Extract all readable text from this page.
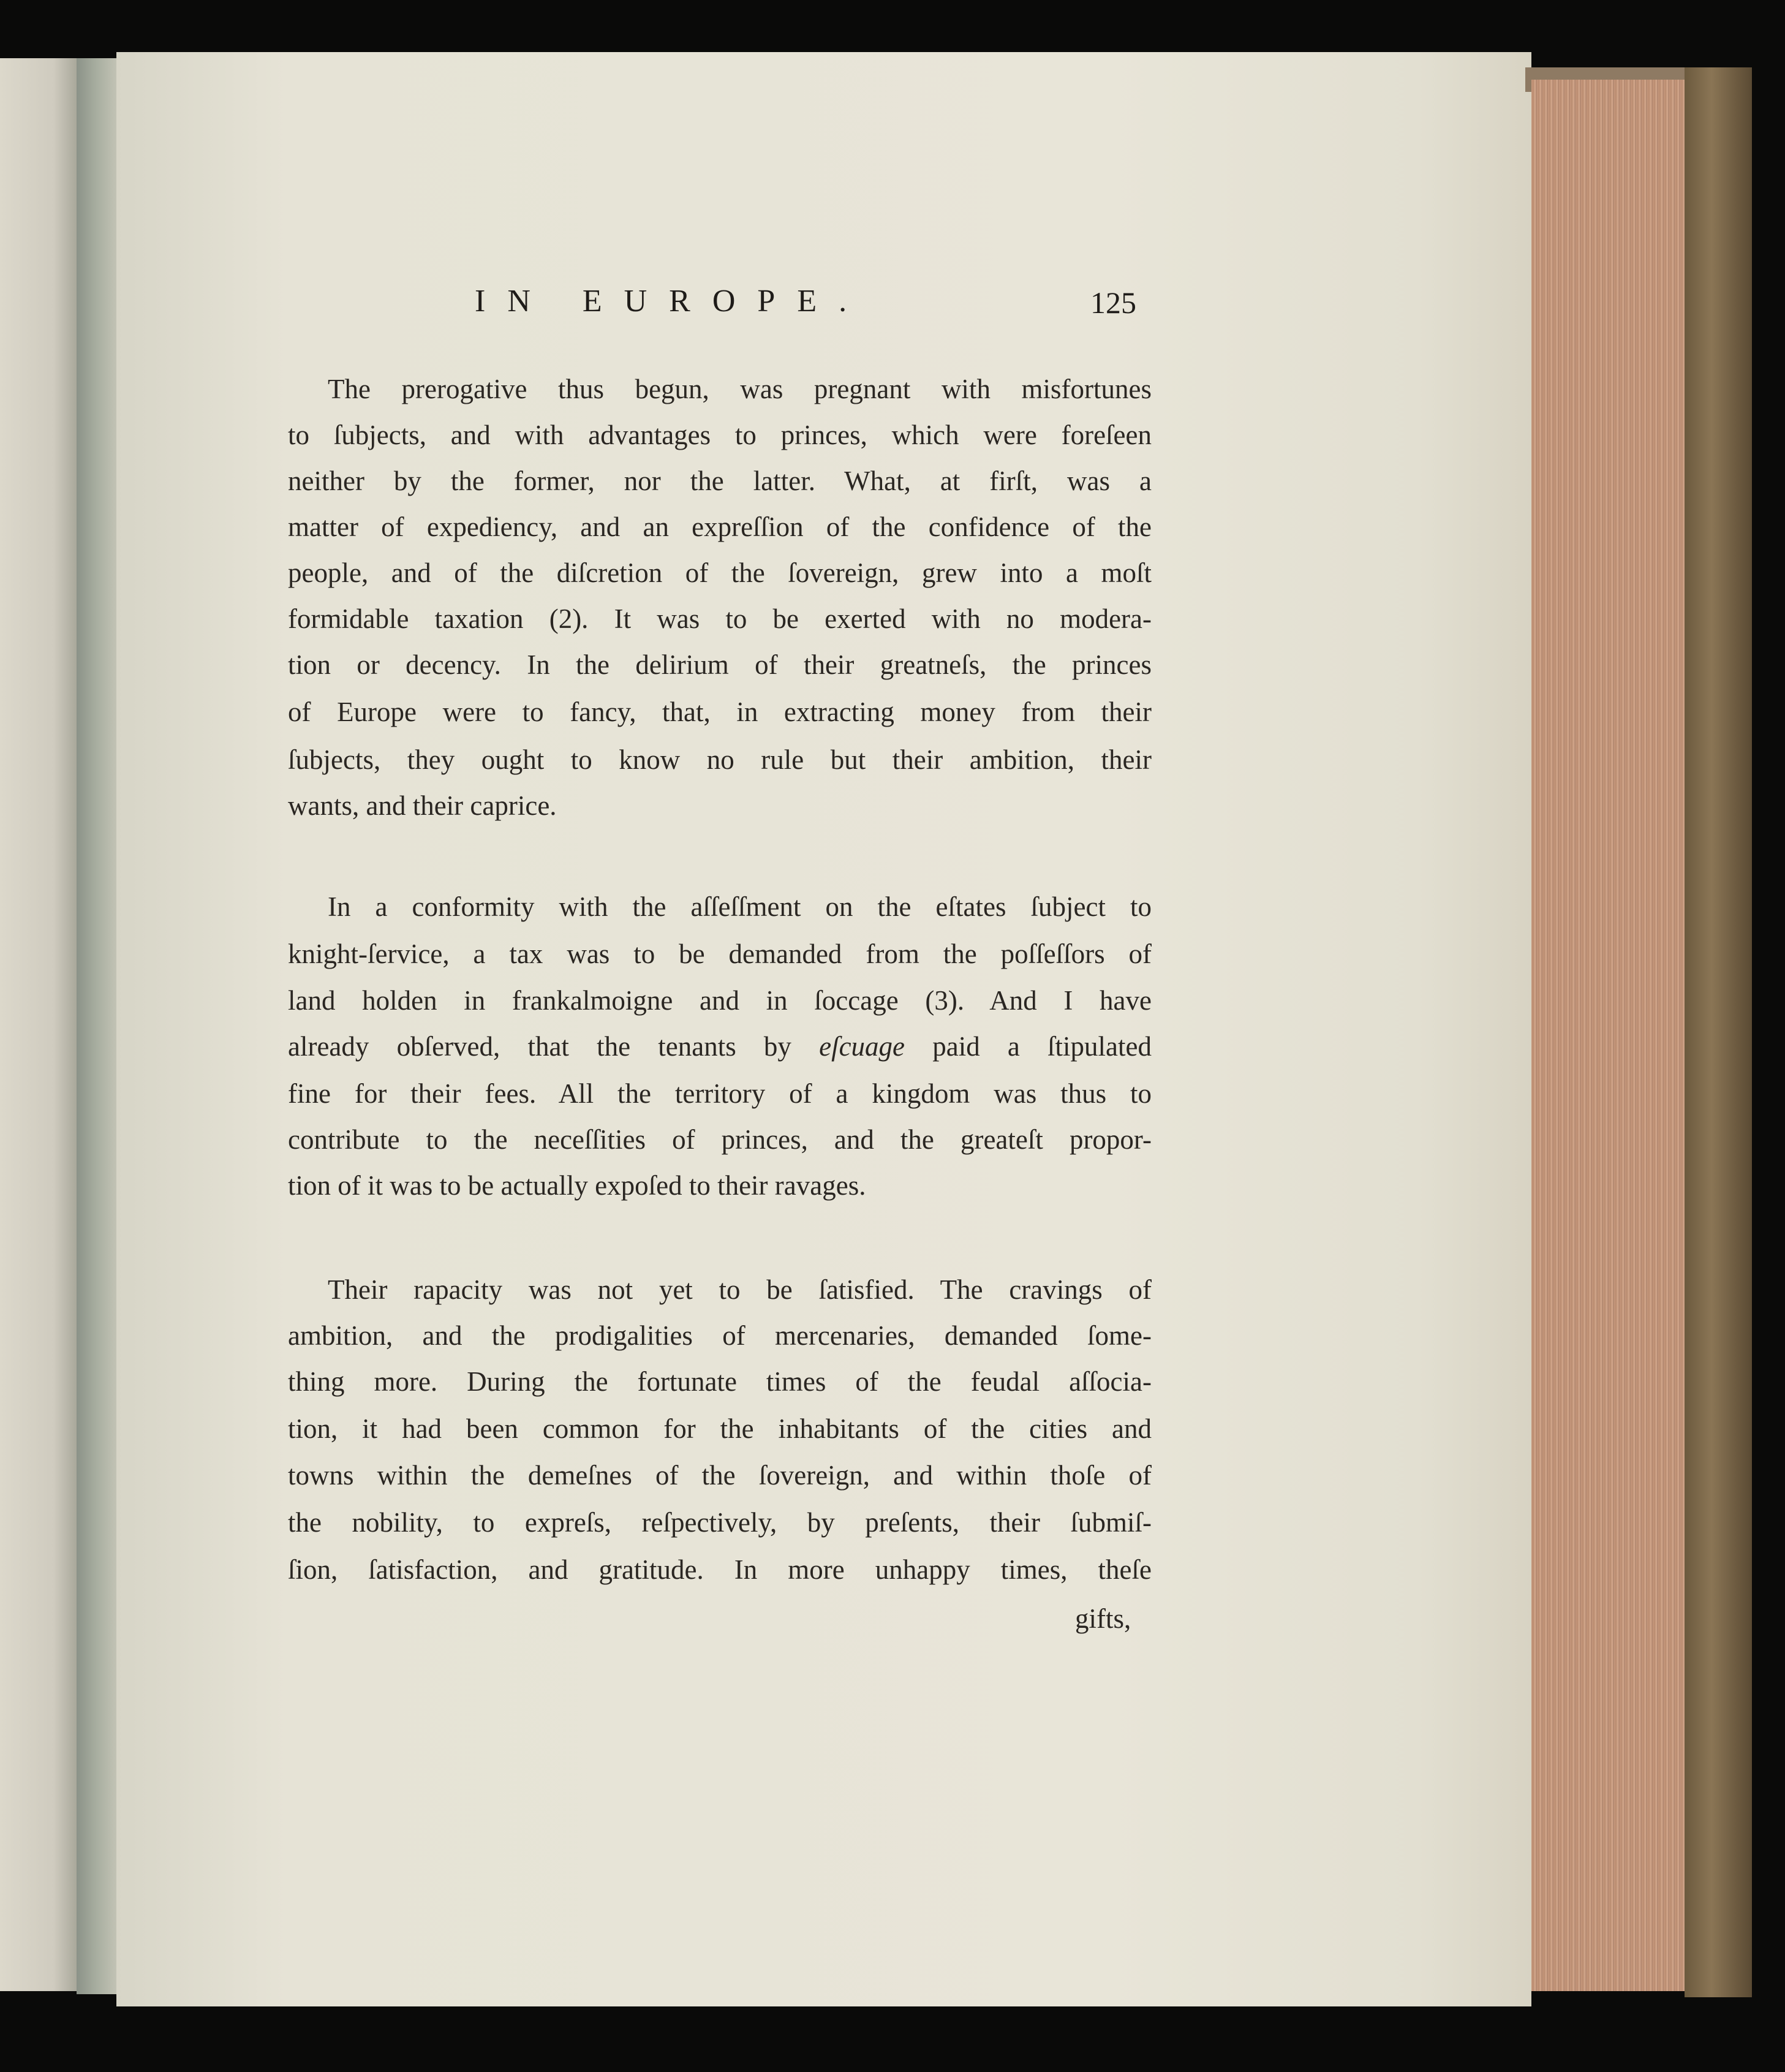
IN EUROPE.	125
The prerogative thus begun, was pregnant with misfortunes
to ſubjects, and with advantages to princes, which were foreſeen
neither by the former, nor the latter. What, at firſt, was a
matter of expediency, and an expreſſion of the confidence of the
people, and of the diſcretion of the ſovereign, grew into a moſt
formidable taxation (2). It was to be exerted with no modera-
tion or decency. In the delirium of their greatneſs, the princes
of Europe were to fancy, that, in extracting money from their
ſubjects, they ought to know no rule but their ambition, their
wants, and their caprice.
In a conformity with the aſſeſſment on the eſtates ſubject to
knight-ſervice, a tax was to be demanded from the poſſeſſors of
land holden in frankalmoigne and in ſoccage (3). And I have
already obſerved, that the tenants by eſcuage paid a ſtipulated
fine for their fees. All the territory of a kingdom was thus to
contribute to the neceſſities of princes, and the greateſt propor-
tion of it was to be actually expoſed to their ravages.
Their rapacity was not yet to be ſatisfied. The cravings of
ambition, and the prodigalities of mercenaries, demanded ſome-
thing more. During the fortunate times of the feudal aſſocia-
tion, it had been common for the inhabitants of the cities and
towns within the demeſnes of the ſovereign, and within thoſe of
the nobility, to expreſs, reſpectively, by preſents, their ſubmiſ-
ſion, ſatisfaction, and gratitude. In more unhappy times, theſe
gifts,
